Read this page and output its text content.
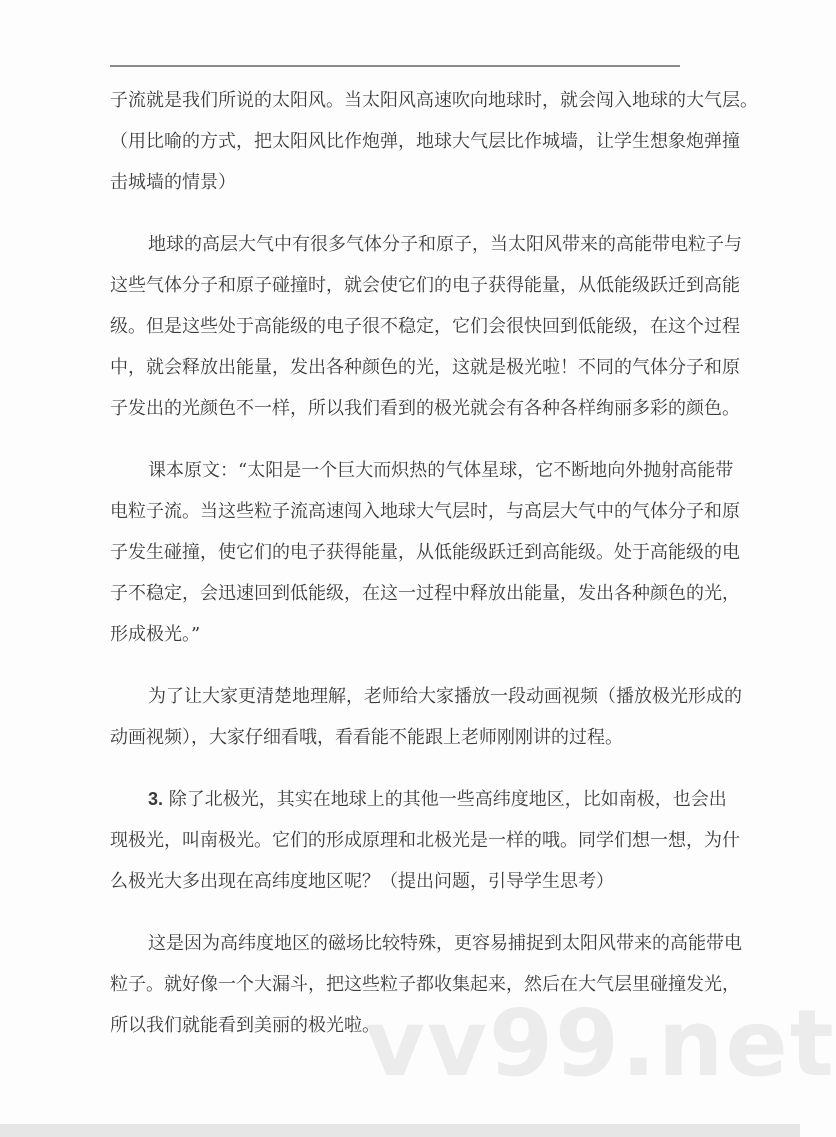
子流就是我们所说的太阳风。当太阳风高速吹向地球时，就会闯入地球的大气层。
（用比喻的方式，把太阳风比作炮弹，地球大气层比作城墙，让学生想象炮弹撞
击城墙的情景）
地球的高层大气中有很多气体分子和原子，当太阳风带来的高能带电粒子与
这些气体分子和原子碰撞时，就会使它们的电子获得能量，从低能级跃迁到高能
级。但是这些处于高能级的电子很不稳定，它们会很快回到低能级，在这个过程
中，就会释放出能量，发出各种颜色的光，这就是极光啦！不同的气体分子和原
子发出的光颜色不一样，所以我们看到的极光就会有各种各样绚丽多彩的颜色。
课本原文：“太阳是一个巨大而炽热的气体星球，它不断地向外抛射高能带
电粒子流。当这些粒子流高速闯入地球大气层时，与高层大气中的气体分子和原
子发生碰撞，使它们的电子获得能量，从低能级跃迁到高能级。处于高能级的电
子不稳定，会迅速回到低能级，在这一过程中释放出能量，发出各种颜色的光，
形成极光。”
为了让大家更清楚地理解，老师给大家播放一段动画视频（播放极光形成的
动画视频），大家仔细看哦，看看能不能跟上老师刚刚讲的过程。
3. 除了北极光，其实在地球上的其他一些高纬度地区，比如南极，也会出
现极光，叫南极光。它们的形成原理和北极光是一样的哦。同学们想一想，为什
么极光大多出现在高纬度地区呢？（提出问题，引导学生思考）
这是因为高纬度地区的磁场比较特殊，更容易捕捉到太阳风带来的高能带电
粒子。就好像一个大漏斗，把这些粒子都收集起来，然后在大气层里碰撞发光，
所以我们就能看到美丽的极光啦。
vv99.net
